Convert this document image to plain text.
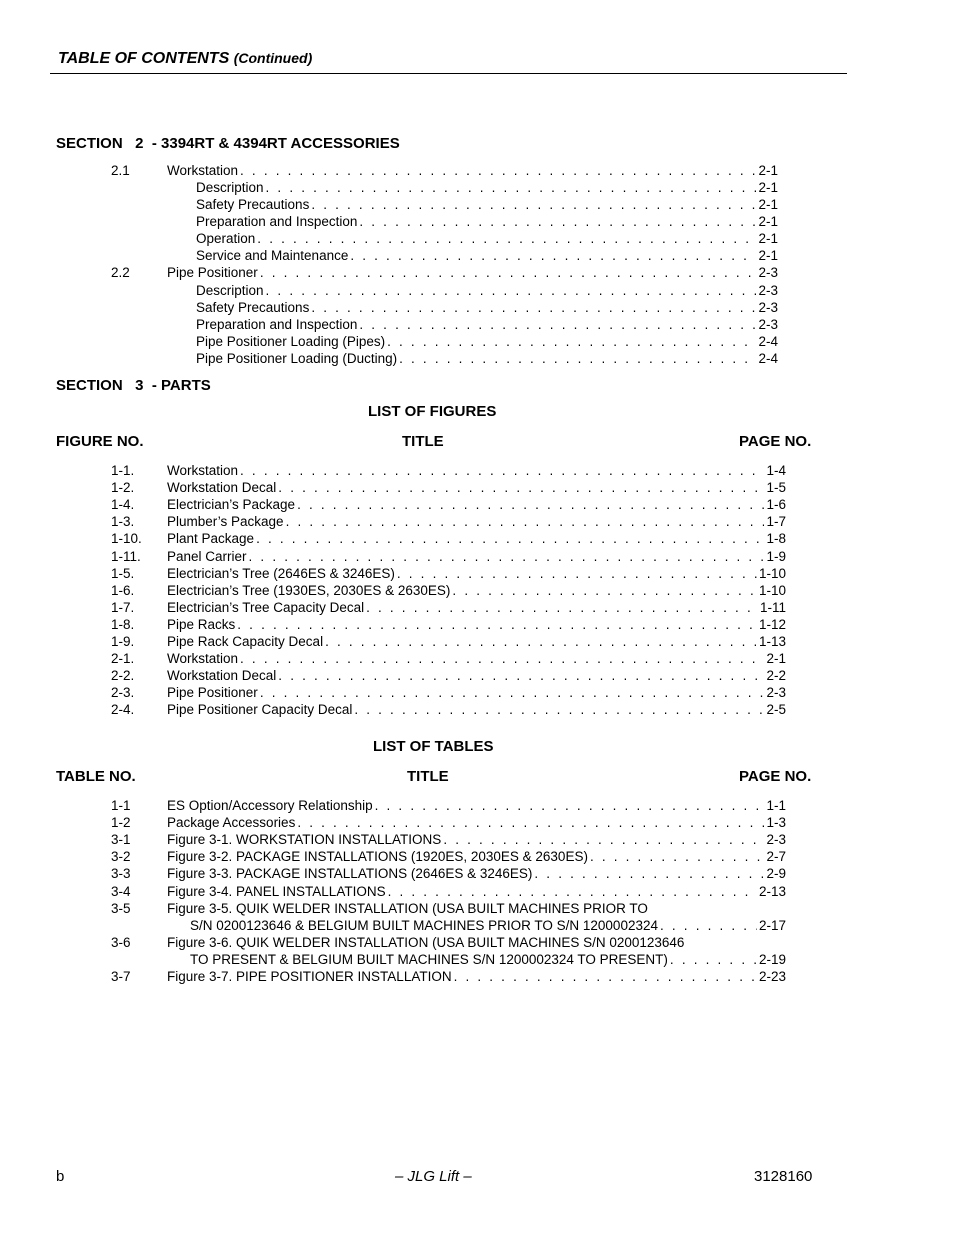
TABLE OF CONTENTS (Continued)
SECTION   2  - 3394RT & 4394RT ACCESSORIES
2.1	Workstation . . .	2-1
Description . . .	2-1
Safety Precautions . . .	2-1
Preparation and Inspection . . .	2-1
Operation . . .	2-1
Service and Maintenance . . .	2-1
2.2	Pipe Positioner . . .	2-3
Description . . .	2-3
Safety Precautions . . .	2-3
Preparation and Inspection . . .	2-3
Pipe Positioner Loading (Pipes) . . .	2-4
Pipe Positioner Loading (Ducting) . . .	2-4
SECTION   3  - PARTS
LIST OF FIGURES
FIGURE NO.	TITLE	PAGE NO.
1-1. Workstation . . .	1-4
1-2. Workstation Decal . . .	1-5
1-4. Electrician’s Package . . .	1-6
1-3. Plumber’s Package . . .	1-7
1-10. Plant Package . . .	1-8
1-11. Panel Carrier . . .	1-9
1-5. Electrician’s Tree (2646ES & 3246ES) . . .	1-10
1-6. Electrician’s Tree (1930ES, 2030ES & 2630ES) . . .	1-10
1-7. Electrician’s Tree Capacity Decal . . .	1-11
1-8. Pipe Racks . . .	1-12
1-9. Pipe Rack Capacity Decal . . .	1-13
2-1. Workstation . . .	2-1
2-2. Workstation Decal . . .	2-2
2-3. Pipe Positioner . . .	2-3
2-4. Pipe Positioner Capacity Decal . . .	2-5
LIST OF TABLES
TABLE NO.	TITLE	PAGE NO.
1-1	ES Option/Accessory Relationship . . .	1-1
1-2	Package Accessories . . .	1-3
3-1	Figure 3-1. WORKSTATION INSTALLATIONS . . .	2-3
3-2	Figure 3-2. PACKAGE INSTALLATIONS (1920ES, 2030ES & 2630ES) . . .	2-7
3-3	Figure 3-3. PACKAGE INSTALLATIONS (2646ES & 3246ES) . . .	2-9
3-4	Figure 3-4. PANEL INSTALLATIONS . . .	2-13
3-5	Figure 3-5. QUIK WELDER INSTALLATION (USA BUILT MACHINES PRIOR TO
S/N 0200123646 & BELGIUM BUILT MACHINES PRIOR TO S/N 1200002324 . . .	2-17
3-6	Figure 3-6. QUIK WELDER INSTALLATION (USA BUILT MACHINES S/N 0200123646
TO PRESENT & BELGIUM BUILT MACHINES S/N 1200002324 TO PRESENT) . . .	2-19
3-7	Figure 3-7. PIPE POSITIONER INSTALLATION . . .	2-23
b	– JLG Lift –	3128160
